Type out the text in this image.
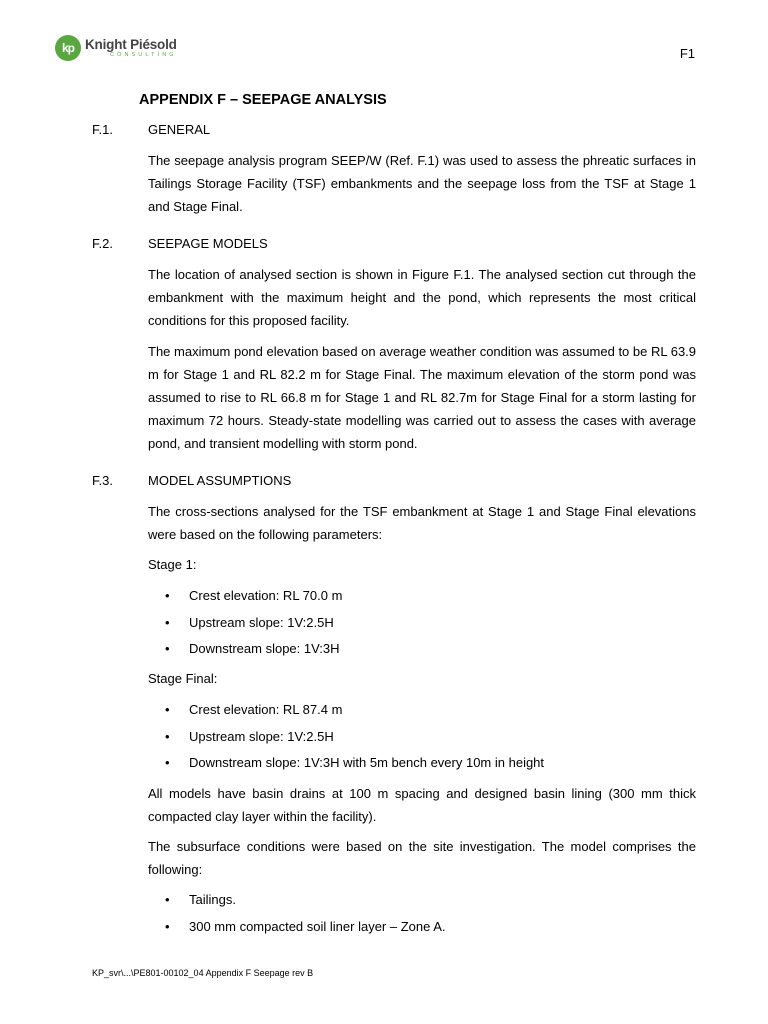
kp Knight Piésold
CONSULTING	F1
APPENDIX F – SEEPAGE ANALYSIS
F.1.	GENERAL
The seepage analysis program SEEP/W (Ref. F.1) was used to assess the phreatic surfaces in Tailings Storage Facility (TSF) embankments and the seepage loss from the TSF at Stage 1 and Stage Final.
F.2.	SEEPAGE MODELS
The location of analysed section is shown in Figure F.1. The analysed section cut through the embankment with the maximum height and the pond, which represents the most critical conditions for this proposed facility.
The maximum pond elevation based on average weather condition was assumed to be RL 63.9 m for Stage 1 and RL 82.2 m for Stage Final. The maximum elevation of the storm pond was assumed to rise to RL 66.8 m for Stage 1 and RL 82.7m for Stage Final for a storm lasting for maximum 72 hours. Steady-state modelling was carried out to assess the cases with average pond, and transient modelling with storm pond.
F.3.	MODEL ASSUMPTIONS
The cross-sections analysed for the TSF embankment at Stage 1 and Stage Final elevations were based on the following parameters:
Stage 1:
• Crest elevation: RL 70.0 m
• Upstream slope: 1V:2.5H
• Downstream slope: 1V:3H
Stage Final:
• Crest elevation: RL 87.4 m
• Upstream slope: 1V:2.5H
• Downstream slope: 1V:3H with 5m bench every 10m in height
All models have basin drains at 100 m spacing and designed basin lining (300 mm thick compacted clay layer within the facility).
The subsurface conditions were based on the site investigation. The model comprises the following:
• Tailings.
• 300 mm compacted soil liner layer – Zone A.
KP_svr\...\PE801-00102_04 Appendix F Seepage rev B
